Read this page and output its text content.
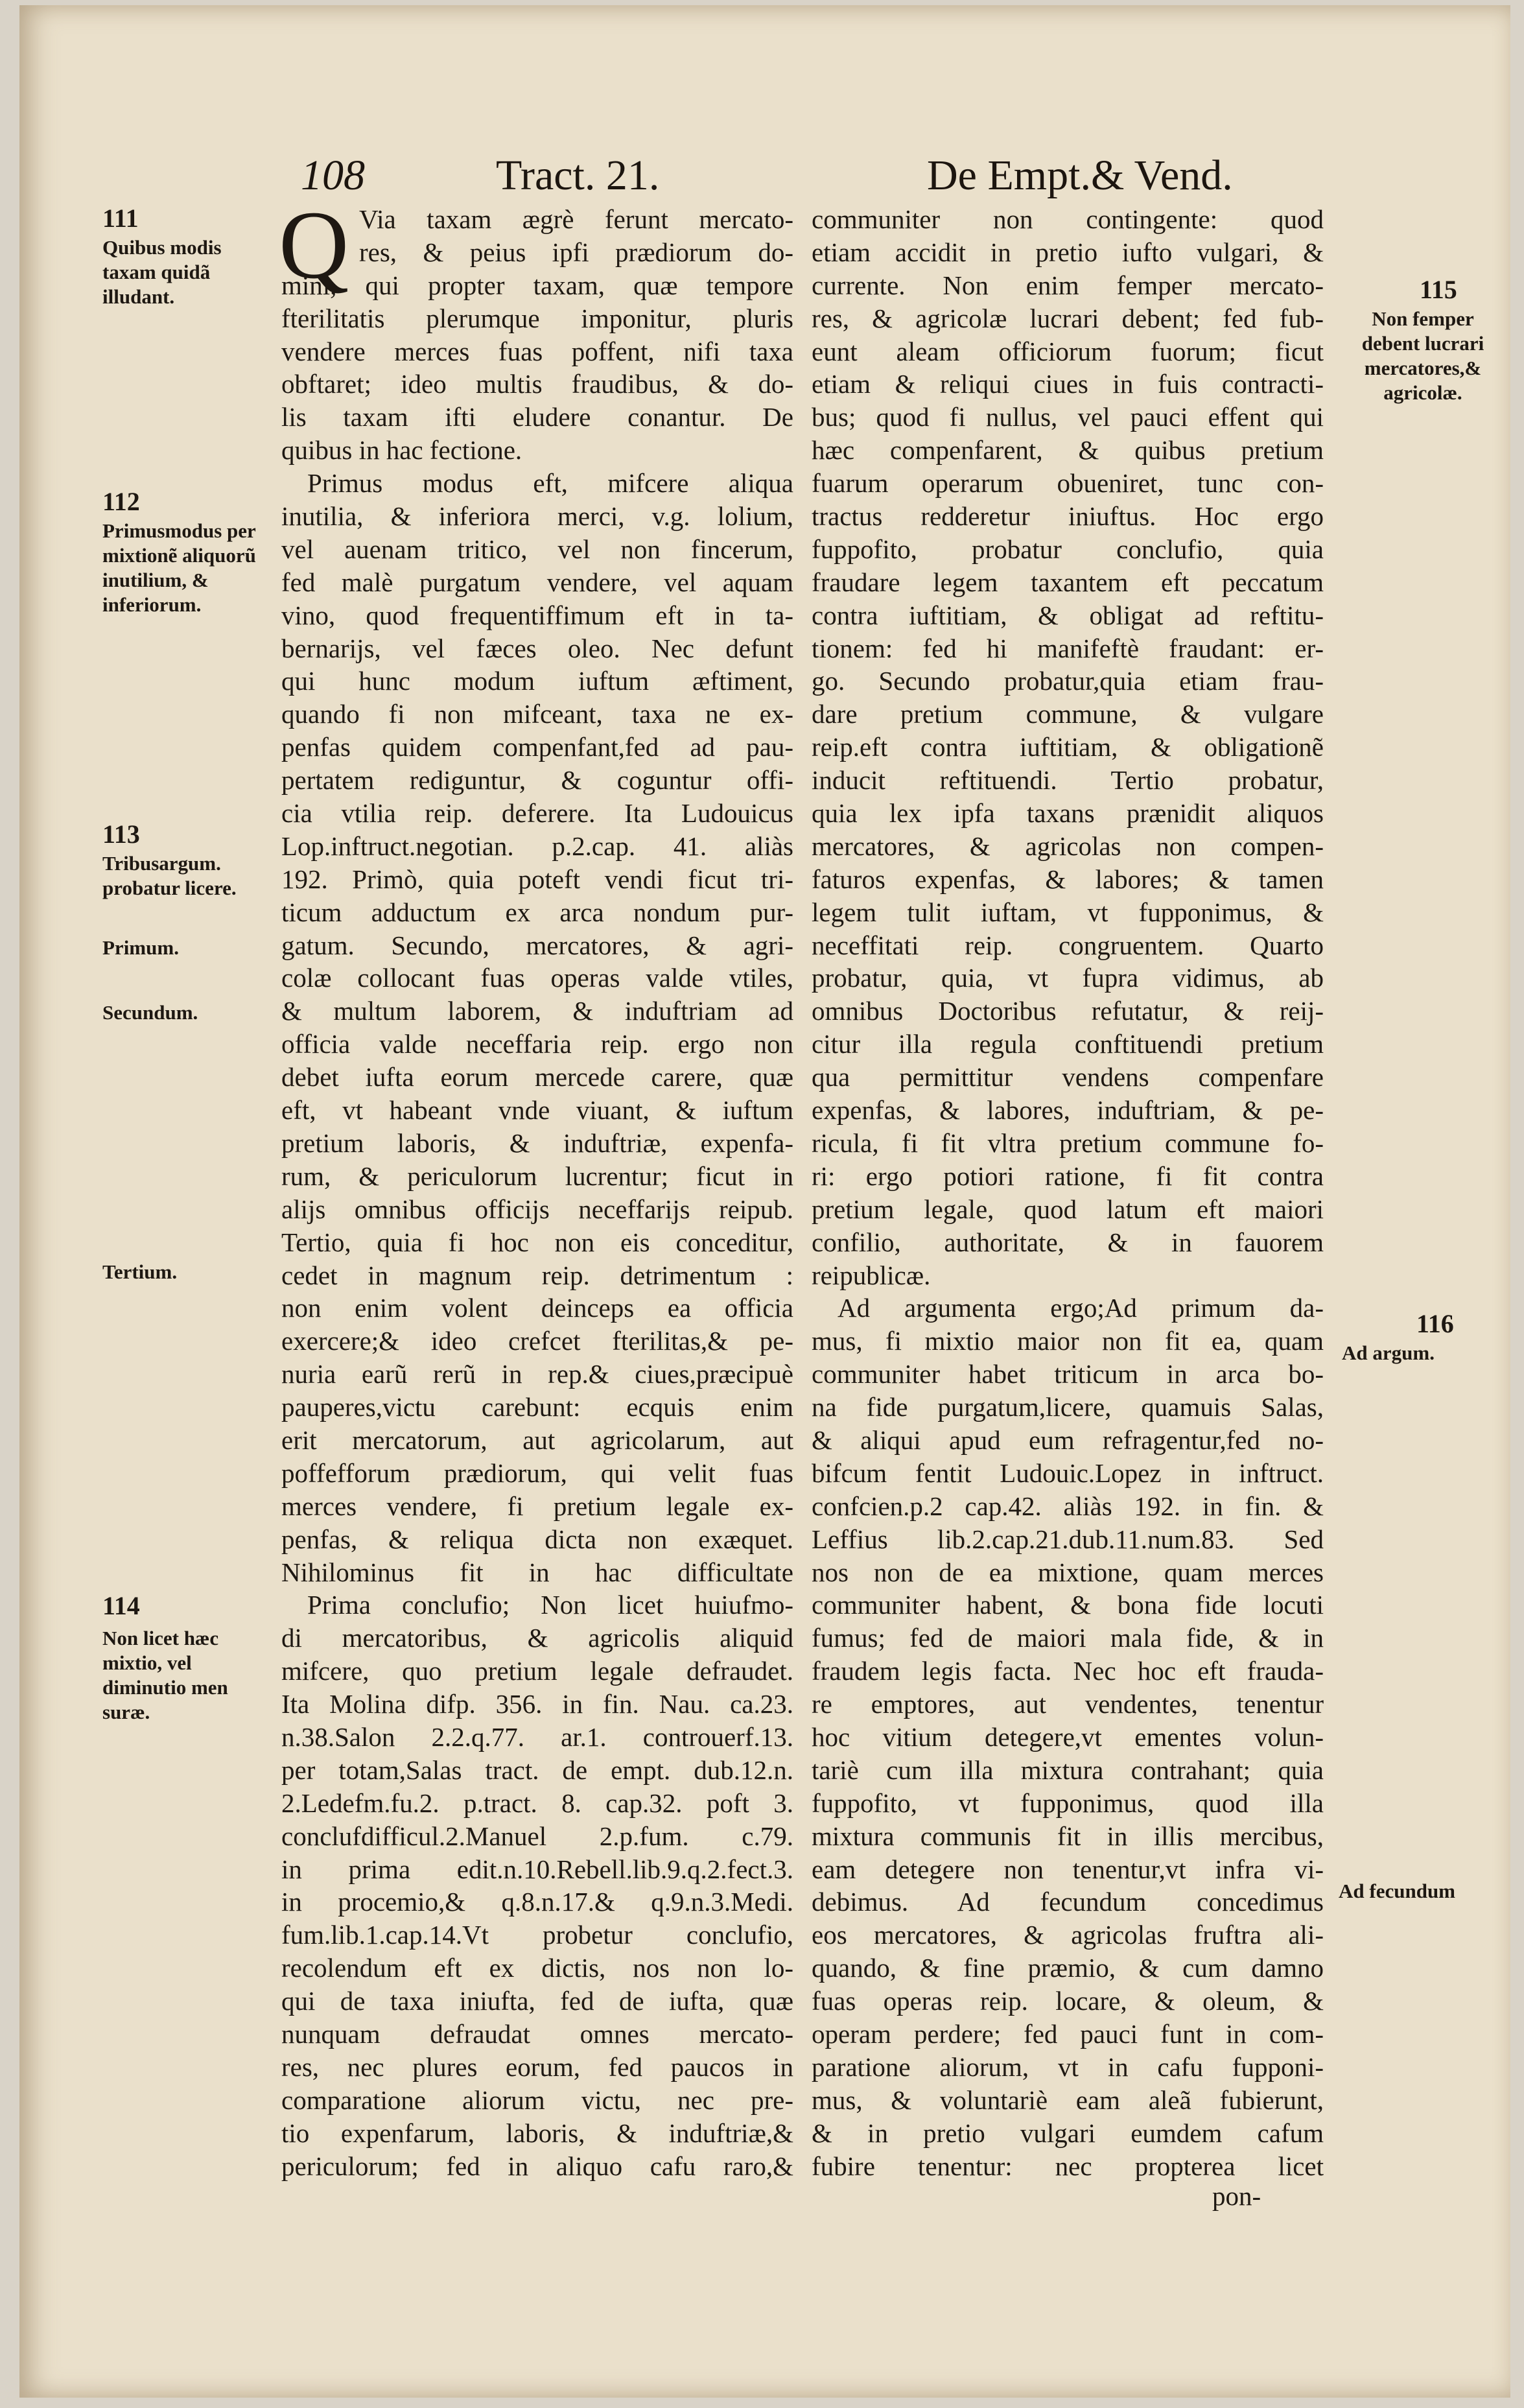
108	Tract. 21.	De Empt.& Vend.
Q Via taxam ægrè ferunt mercato-
res, & peius ipfi prædiorum do-
mini, qui propter taxam, quæ tempore
fterilitatis plerumque imponitur, pluris
vendere merces fuas poffent, nifi taxa
obftaret; ideo multis fraudibus, & do-
lis taxam ifti eludere conantur. De
quibus in hac fectione.
Primus modus eft, mifcere aliqua
inutilia, & inferiora merci, v.g. lolium,
vel auenam tritico, vel non fincerum,
fed malè purgatum vendere, vel aquam
vino, quod frequentiffimum eft in ta-
bernarijs, vel fæces oleo. Nec defunt
qui hunc modum iuftum æftiment,
quando fi non mifceant, taxa ne ex-
penfas quidem compenfant,fed ad pau-
pertatem rediguntur, & coguntur offi-
cia vtilia reip. deferere. Ita Ludouicus
Lop.inftruct.negotian. p.2.cap. 41. aliàs
192. Primò, quia poteft vendi ficut tri-
ticum adductum ex arca nondum pur-
gatum. Secundo, mercatores, & agri-
colæ collocant fuas operas valde vtiles,
& multum laborem, & induftriam ad
officia valde neceffaria reip. ergo non
debet iufta eorum mercede carere, quæ
eft, vt habeant vnde viuant, & iuftum
pretium laboris, & induftriæ, expenfa-
rum, & periculorum lucrentur; ficut in
alijs omnibus officijs neceffarijs reipub.
Tertio, quia fi hoc non eis conceditur,
cedet in magnum reip. detrimentum :
non enim volent deinceps ea officia
exercere;& ideo crefcet fterilitas,& pe-
nuria earũ rerũ in rep.& ciues,præcipuè
pauperes,victu carebunt: ecquis enim
erit mercatorum, aut agricolarum, aut
poffefforum prædiorum, qui velit fuas
merces vendere, fi pretium legale ex-
penfas, & reliqua dicta non exæquet.
Nihilominus fit in hac difficultate
Prima conclufio; Non licet huiufmo-
di mercatoribus, & agricolis aliquid
mifcere, quo pretium legale defraudet.
Ita Molina difp. 356. in fin. Nau. ca.23.
n.38.Salon 2.2.q.77. ar.1. controuerf.13.
per totam,Salas tract. de empt. dub.12.n.
2.Ledefm.fu.2. p.tract. 8. cap.32. poft 3.
conclufdifficul.2.Manuel 2.p.fum. c.79.
in prima edit.n.10.Rebell.lib.9.q.2.fect.3.
in procemio,& q.8.n.17.& q.9.n.3.Medi.
fum.lib.1.cap.14.Vt probetur conclufio,
recolendum eft ex dictis, nos non lo-
qui de taxa iniufta, fed de iufta, quæ
nunquam defraudat omnes mercato-
res, nec plures eorum, fed paucos in
comparatione aliorum victu, nec pre-
tio expenfarum, laboris, & induftriæ,&
periculorum; fed in aliquo cafu raro,&
communiter non contingente: quod
etiam accidit in pretio iufto vulgari, &
currente. Non enim femper mercato-
res, & agricolæ lucrari debent; fed fub-
eunt aleam officiorum fuorum; ficut
etiam & reliqui ciues in fuis contracti-
bus; quod fi nullus, vel pauci effent qui
hæc compenfarent, & quibus pretium
fuarum operarum obueniret, tunc con-
tractus redderetur iniuftus. Hoc ergo
fuppofito, probatur conclufio, quia
fraudare legem taxantem eft peccatum
contra iuftitiam, & obligat ad reftitu-
tionem: fed hi manifeftè fraudant: er-
go. Secundo probatur,quia etiam frau-
dare pretium commune, & vulgare
reip.eft contra iuftitiam, & obligationẽ
inducit reftituendi. Tertio probatur,
quia lex ipfa taxans prænidit aliquos
mercatores, & agricolas non compen-
faturos expenfas, & labores; & tamen
legem tulit iuftam, vt fupponimus, &
neceffitati reip. congruentem. Quarto
probatur, quia, vt fupra vidimus, ab
omnibus Doctoribus refutatur, & reij-
citur illa regula conftituendi pretium
qua permittitur vendens compenfare
expenfas, & labores, induftriam, & pe-
ricula, fi fit vltra pretium commune fo-
ri: ergo potiori ratione, fi fit contra
pretium legale, quod latum eft maiori
confilio, authoritate, & in fauorem
reipublicæ.
Ad argumenta ergo;Ad primum da-
mus, fi mixtio maior non fit ea, quam
communiter habet triticum in arca bo-
na fide purgatum,licere, quamuis Salas,
& aliqui apud eum refragentur,fed no-
bifcum fentit Ludouic.Lopez in inftruct.
confcien.p.2 cap.42. aliàs 192. in fin. &
Leffius lib.2.cap.21.dub.11.num.83. Sed
nos non de ea mixtione, quam merces
communiter habent, & bona fide locuti
fumus; fed de maiori mala fide, & in
fraudem legis facta. Nec hoc eft frauda-
re emptores, aut vendentes, tenentur
hoc vitium detegere,vt ementes volun-
tariè cum illa mixtura contrahant; quia
fuppofito, vt fupponimus, quod illa
mixtura communis fit in illis mercibus,
eam detegere non tenentur,vt infra vi-
debimus. Ad fecundum concedimus
eos mercatores, & agricolas fruftra ali-
quando, & fine præmio, & cum damno
fuas operas reip. locare, & oleum, &
operam perdere; fed pauci funt in com-
paratione aliorum, vt in cafu fupponi-
mus, & voluntariè eam aleã fubierunt,
& in pretio vulgari eumdem cafum
fubire tenentur: nec propterea licet
111
Quibus modis taxam quidã illudant.
112
Primusmodus per mixtionẽ aliquorũ inutilium, & inferiorum.
113
Tribusargum. probatur licere.
Primum.
Secundum.
Tertium.
114
Non licet hæc mixtio, vel diminutio men suræ.
115
Non femper debent lucrari mercatores,& agricolæ.
116
Ad argum.
Ad fecundum
pon-
